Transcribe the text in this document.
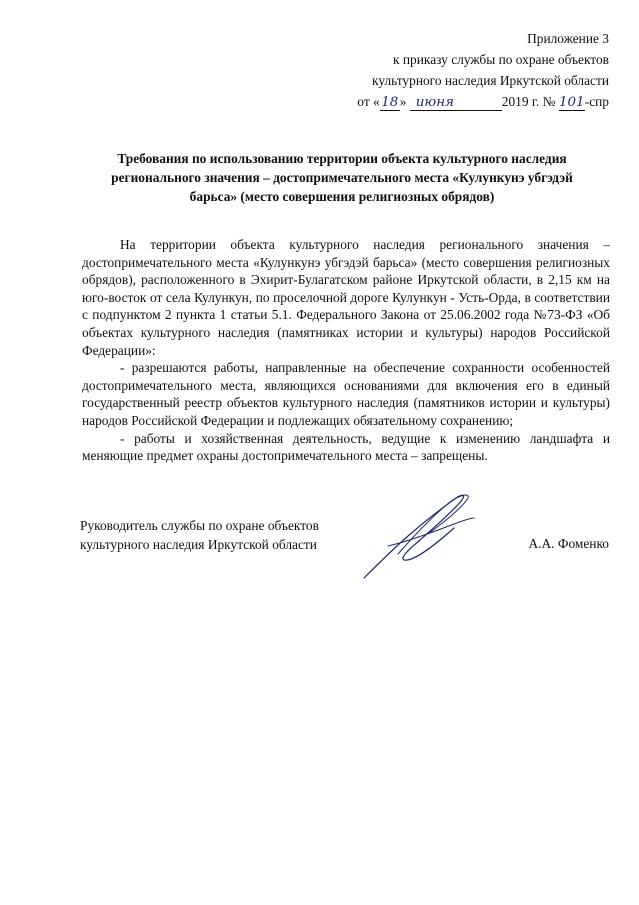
Приложение 3
к приказу службы по охране объектов
культурного наследия Иркутской области
от «18» июня	2019 г. № 101-спр
Требования по использованию территории объекта культурного наследия
регионального значения – достопримечательного места «Кулункунэ убгэдэй
барьса» (место совершения религиозных обрядов)

На территории объекта культурного наследия регионального значения – достопримечательного места «Кулункунэ убгэдэй барьса» (место совершения религиозных обрядов), расположенного в Эхирит-Булагатском районе Иркутской области, в 2,15 км на юго-восток от села Кулункун, по проселочной дороге Кулункун - Усть-Орда, в соответствии с подпунктом 2 пункта 1 статьи 5.1. Федерального Закона от 25.06.2002 года №73-ФЗ «Об объектах культурного наследия (памятниках истории и культуры) народов Российской Федерации»:

- разрешаются работы, направленные на обеспечение сохранности особенностей достопримечательного места, являющихся основаниями для включения его в единый государственный реестр объектов культурного наследия (памятников истории и культуры) народов Российской Федерации и подлежащих обязательному сохранению;

- работы и хозяйственная деятельность, ведущие к изменению ландшафта и меняющие предмет охраны достопримечательного места – запрещены.

Руководитель службы по охране объектов
культурного наследия Иркутской области	А.А. Фоменко
